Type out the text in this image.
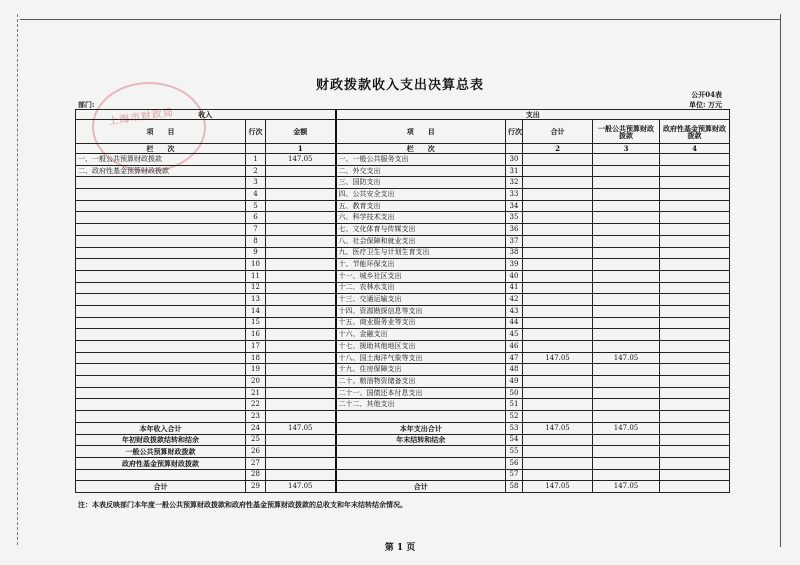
上海市财政局
财政拨款收入支出决算总表
公开04表
部门:	单位: 万元
收入			支出				
项　　目	行次	金额	项　　目	行次	合计	一般公共预算财政拨款	政府性基金预算财政拨款
栏　　次		1	栏　　次		2	3	4
一、一般公共预算财政拨款	1	147.05	一、一般公共服务支出	30			
二、政府性基金预算财政拨款	2		二、外交支出	31			
	3		三、国防支出	32			
	4		四、公共安全支出	33			
	5		五、教育支出	34			
	6		六、科学技术支出	35			
	7		七、文化体育与传媒支出	36			
	8		八、社会保障和就业支出	37			
	9		九、医疗卫生与计划生育支出	38			
	10		十、节能环保支出	39			
	11		十一、城乡社区支出	40			
	12		十二、农林水支出	41			
	13		十三、交通运输支出	42			
	14		十四、资源勘探信息等支出	43			
	15		十五、商业服务业等支出	44			
	16		十六、金融支出	45			
	17		十七、援助其他地区支出	46			
	18		十八、国土海洋气象等支出	47	147.05	147.05	
	19		十九、住房保障支出	48			
	20		二十、粮油物资储备支出	49			
	21		二十一、国债还本付息支出	50			
	22		二十二、其他支出	51			
	23			52			
本年收入合计	24	147.05	本年支出合计	53	147.05	147.05	
年初财政拨款结转和结余	25		年末结转和结余	54			
一般公共预算财政拨款	26			55			
政府性基金预算财政拨款	27			56			
	28			57			
合计	29	147.05	合计	58	147.05	147.05	
注：本表反映部门本年度一般公共预算财政拨款和政府性基金预算财政拨款的总收支和年末结转结余情况。
第 1 页
